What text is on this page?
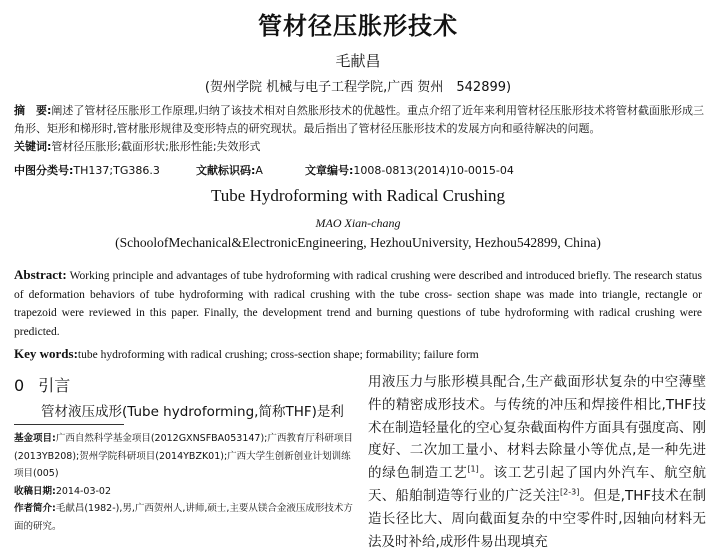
管材径压胀形技术
毛献昌
(贺州学院 机械与电子工程学院,广西 贺州　542899)
摘　要:阐述了管材径压胀形工作原理,归纳了该技术相对自然胀形技术的优越性。重点介绍了近年来利用管材径压胀形技术将管材截面胀形成三角形、矩形和梯形时,管材胀形规律及变形特点的研究现状。最后指出了管材径压胀形技术的发展方向和亟待解决的问题。
关键词:管材径压胀形;截面形状;胀形性能;失效形式
中图分类号:TH137;TG386.3	文献标识码:A	文章编号:1008-0813(2014)10-0015-04
Tube Hydroforming with Radical Crushing
MAO Xian-chang
(SchoolofMechanical&ElectronicEngineering, HezhouUniversity, Hezhou542899, China)
Abstract: Working principle and advantages of tube hydroforming with radical crushing were described and introduced briefly. The research status of deformation behaviors of tube hydroforming with radical crushing with the tube cross- section shape was made into triangle, rectangle or trapezoid were reviewed in this paper. Finally, the development trend and burning questions of tube hydroforming with radical crushing were predicted.
Key words:tube hydroforming with radical crushing; cross-section shape; formability; failure form
0 引言
管材液压成形(Tube hydroforming,简称THF)是利
基金项目:广西自然科学基金项目(2012GXNSFBA053147);广西教育厅科研项目(2013YB208);贺州学院科研项目(2014YBZK01);广西大学生创新创业计划训练项目(005)
收稿日期:2014-03-02
作者简介:毛献昌(1982-),男,广西贺州人,讲师,硕士,主要从镁合金液压成形技术方面的研究。
用液压力与胀形模具配合,生产截面形状复杂的中空薄壁件的精密成形技术。与传统的冲压和焊接件相比,THF技术在制造轻量化的空心复杂截面构件方面具有强度高、刚度好、二次加工量小、材料去除量小等优点,是一种先进的绿色制造工艺[1]。该工艺引起了国内外汽车、航空航天、船舶制造等行业的广泛关注[2-3]。但是,THF技术在制造长径比大、周向截面复杂的中空零件时,因轴向材料无法及时补给,成形件易出现填充
